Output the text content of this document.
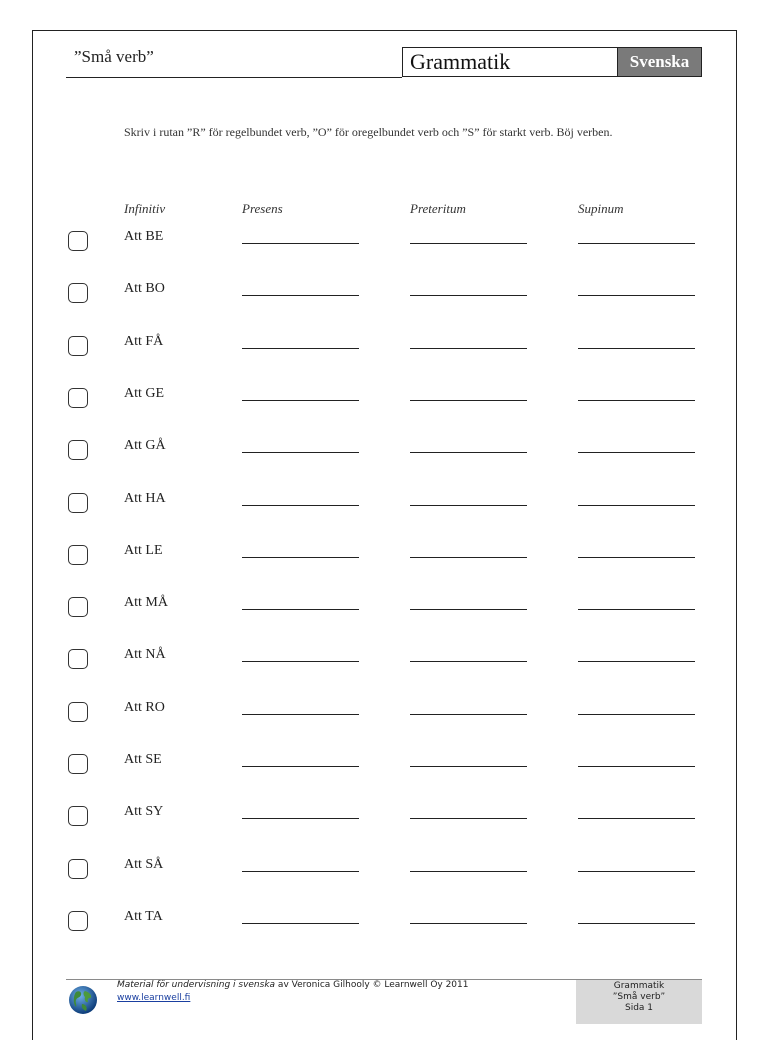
”Små verb”	Grammatik	Svenska
Skriv i rutan ”R” för regelbundet verb, ”O” för oregelbundet verb och ”S” för starkt verb. Böj verben.
Infinitiv	Presens	Preteritum	Supinum
Att BE
Att BO
Att FÅ
Att GE
Att GÅ
Att HA
Att LE
Att MÅ
Att NÅ
Att RO
Att SE
Att SY
Att SÅ
Att TA
Material för undervisning i svenska av Veronica Gilhooly © Learnwell Oy 2011
www.learnwell.fi
Grammatik
”Små verb”
Sida 1
